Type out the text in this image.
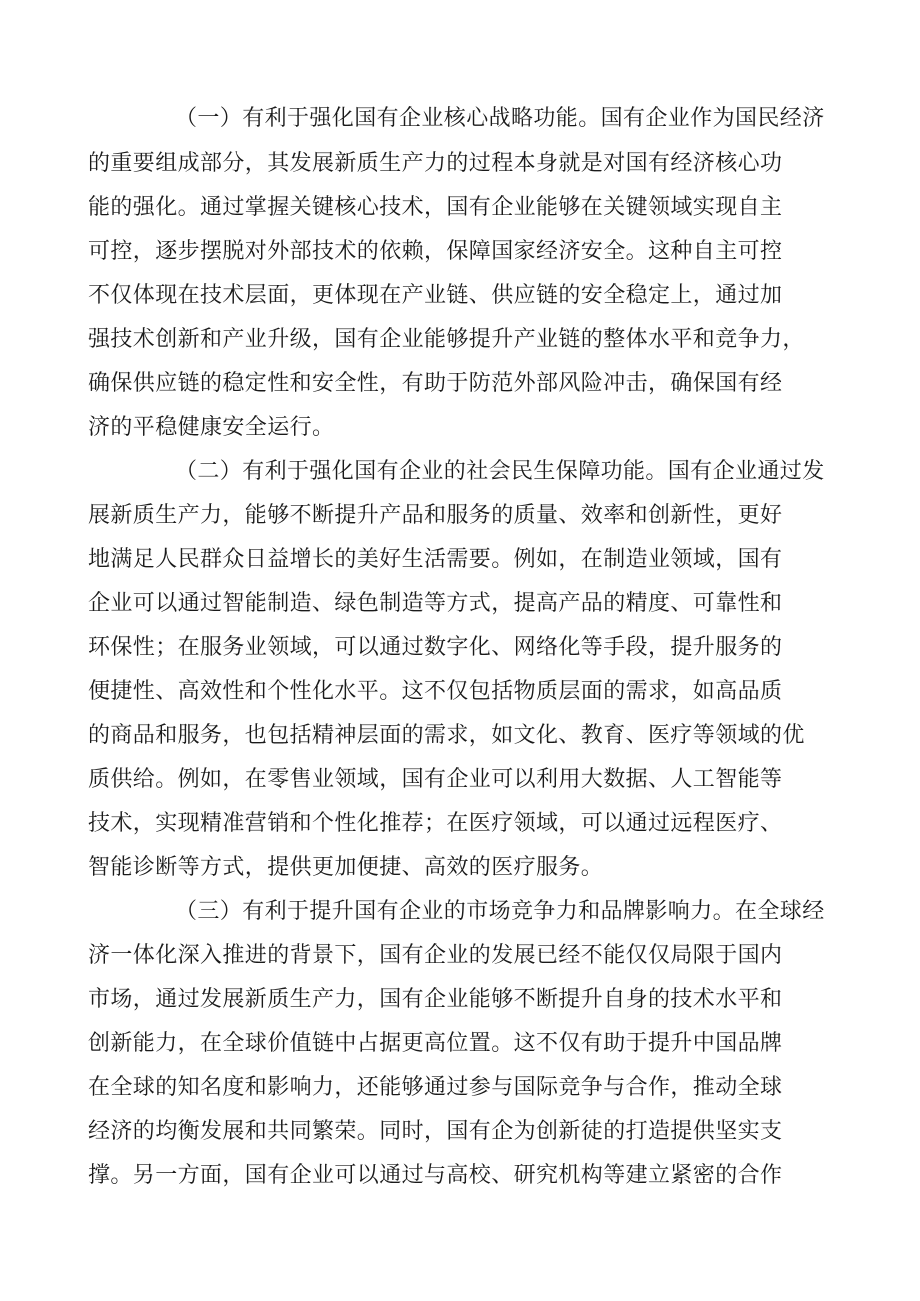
（一）有利于强化国有企业核心战略功能。国有企业作为国民经济

的重要组成部分，其发展新质生产力的过程本身就是对国有经济核心功

能的强化。通过掌握关键核心技术，国有企业能够在关键领域实现自主

可控，逐步摆脱对外部技术的依赖，保障国家经济安全。这种自主可控

不仅体现在技术层面，更体现在产业链、供应链的安全稳定上，通过加

强技术创新和产业升级，国有企业能够提升产业链的整体水平和竞争力，

确保供应链的稳定性和安全性，有助于防范外部风险冲击，确保国有经

济的平稳健康安全运行。

（二）有利于强化国有企业的社会民生保障功能。国有企业通过发

展新质生产力，能够不断提升产品和服务的质量、效率和创新性，更好

地满足人民群众日益增长的美好生活需要。例如，在制造业领域，国有

企业可以通过智能制造、绿色制造等方式，提高产品的精度、可靠性和

环保性；在服务业领域，可以通过数字化、网络化等手段，提升服务的

便捷性、高效性和个性化水平。这不仅包括物质层面的需求，如高品质

的商品和服务，也包括精神层面的需求，如文化、教育、医疗等领域的优

质供给。例如，在零售业领域，国有企业可以利用大数据、人工智能等

技术，实现精准营销和个性化推荐；在医疗领域，可以通过远程医疗、

智能诊断等方式，提供更加便捷、高效的医疗服务。

（三）有利于提升国有企业的市场竞争力和品牌影响力。在全球经

济一体化深入推进的背景下，国有企业的发展已经不能仅仅局限于国内

市场，通过发展新质生产力，国有企业能够不断提升自身的技术水平和

创新能力，在全球价值链中占据更高位置。这不仅有助于提升中国品牌

在全球的知名度和影响力，还能够通过参与国际竞争与合作，推动全球

经济的均衡发展和共同繁荣。同时，国有企为创新徒的打造提供坚实支

撑。另一方面，国有企业可以通过与高校、研究机构等建立紧密的合作
